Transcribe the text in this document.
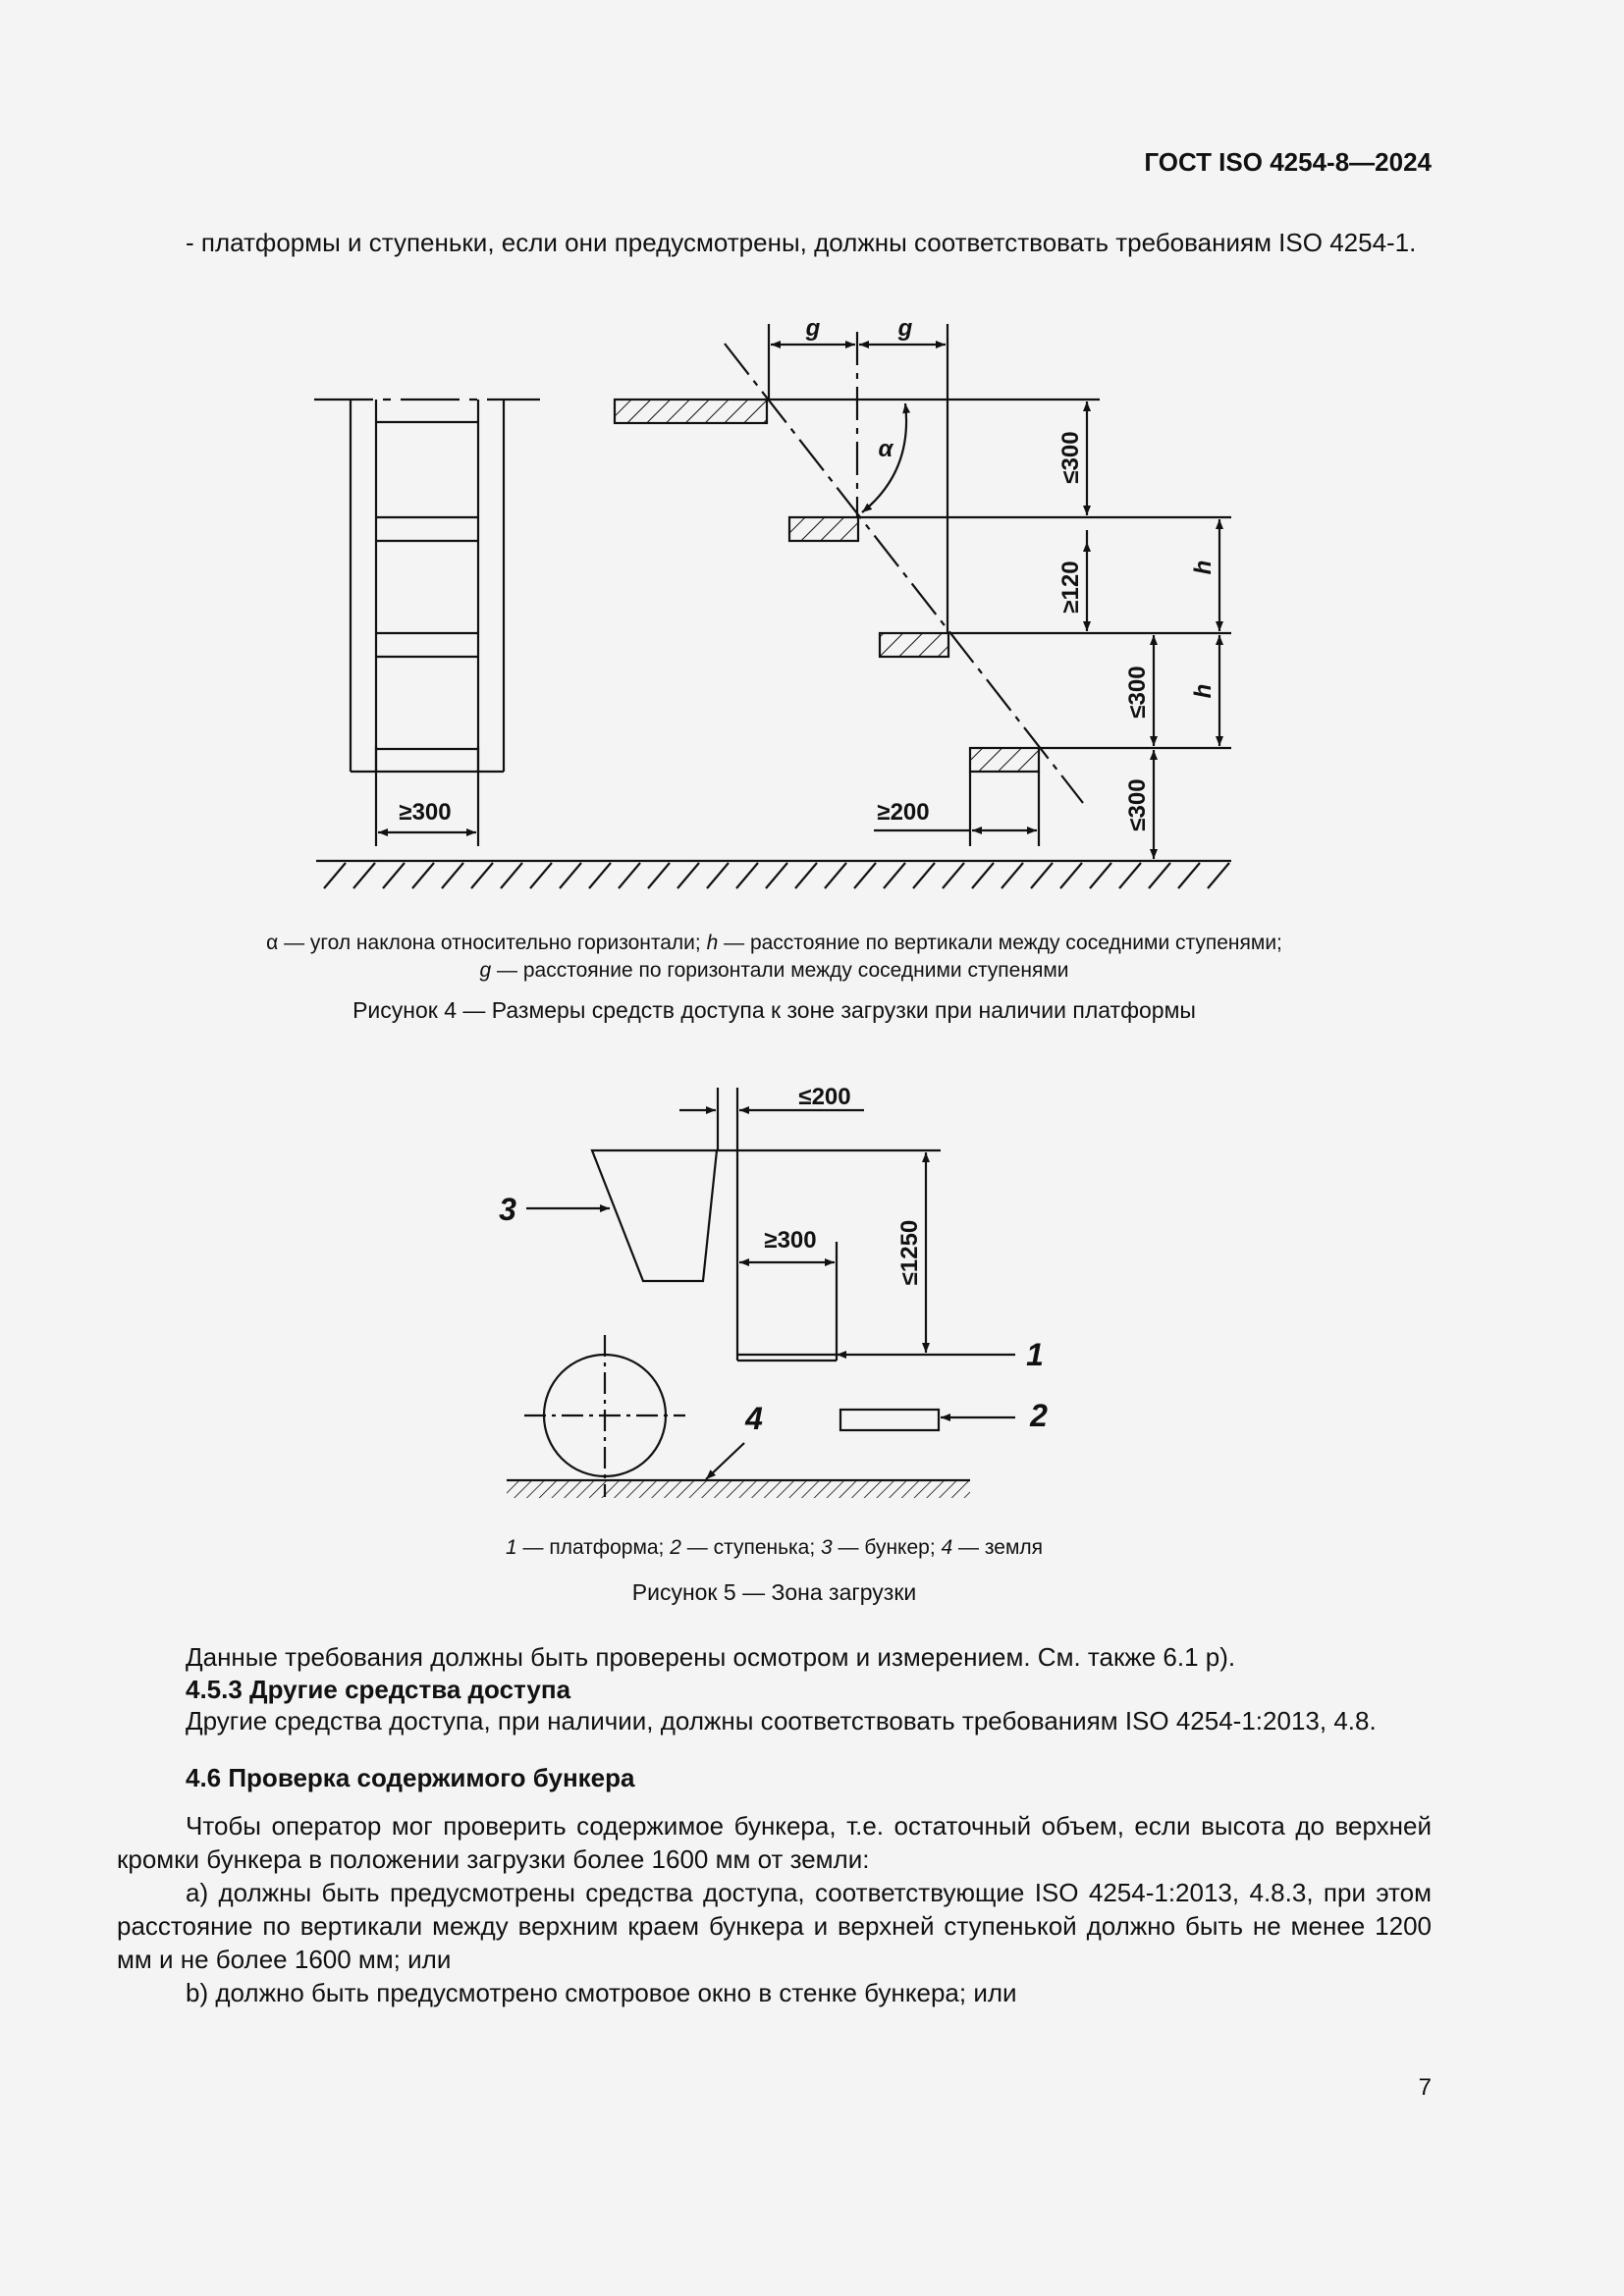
ГОСТ ISO 4254-8—2024
- платформы и ступеньки, если они предусмотрены, должны соответствовать требованиям ISO 4254-1.
g	g
α	≤300
≥120	h
≤300 h
≤300
≥300	≥200
α — угол наклона относительно горизонтали; h — расстояние по вертикали между соседними ступенями;
g — расстояние по горизонтали между соседними ступенями
Рисунок 4 — Размеры средств доступа к зоне загрузки при наличии платформы
≤200
≥300	≤1250
1
2
3
4
1 — платформа; 2 — ступенька; 3 — бункер; 4 — земля
Рисунок 5 — Зона загрузки
Данные требования должны быть проверены осмотром и измерением. См. также 6.1 р).
4.5.3 Другие средства доступа
Другие средства доступа, при наличии, должны соответствовать требованиям ISO 4254-1:2013, 4.8.
4.6 Проверка содержимого бункера
Чтобы оператор мог проверить содержимое бункера, т.е. остаточный объем, если высота до верхней кромки бункера в положении загрузки более 1600 мм от земли:
а) должны быть предусмотрены средства доступа, соответствующие ISO 4254-1:2013, 4.8.3, при этом расстояние по вертикали между верхним краем бункера и верхней ступенькой должно быть не менее 1200 мм и не более 1600 мм; или
b) должно быть предусмотрено смотровое окно в стенке бункера; или
7
